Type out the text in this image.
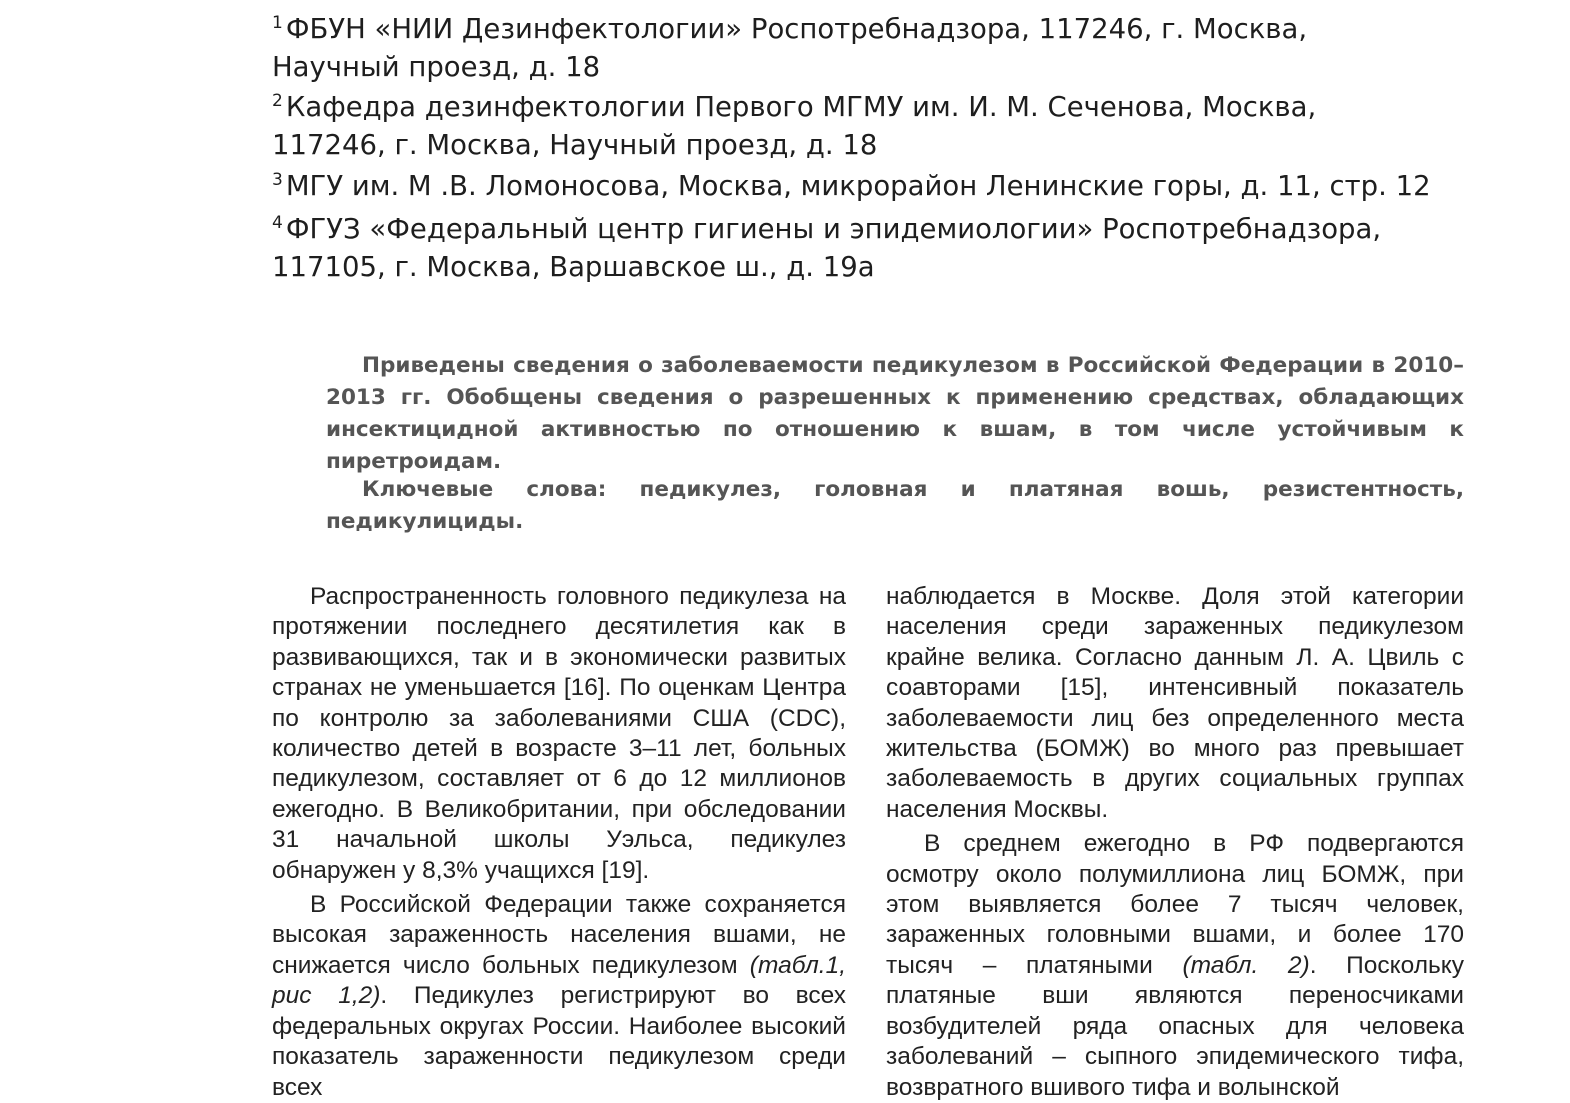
$^1$ ФБУН «НИИ Дезинфектологии» Роспотребнадзора, 117246, г. Москва,
Научный проезд, д. 18

$^2$ Кафедра дезинфектологии Первого МГМУ им. И. М. Сеченова, Москва,
117246, г. Москва, Научный проезд, д. 18

$^3$ МГУ им. М .В. Ломоносова, Москва, микрорайон Ленинские горы, д. 11, стр. 12

$^4$ ФГУЗ «Федеральный центр гигиены и эпидемиологии» Роспотребнадзора,
117105, г. Москва, Варшавское ш., д. 19а

Приведены сведения о заболеваемости педикулезом в Российской Федерации в 2010–2013 гг. Обобщены сведения о разрешенных к применению средствах, обладающих инсектицидной активностью по отношению к вшам, в том числе устойчивым к пиретроидам.

Ключевые слова: педикулез, головная и платяная вошь, резистентность, педикулициды.

Распространенность головного педикулеза на протяжении последнего десятилетия как в развивающихся, так и в экономически развитых странах не уменьшается [16]. По оценкам Центра по контролю за заболеваниями США (CDC), количество детей в возрасте 3–11 лет, больных педикулезом, составляет от 6 до 12 миллионов ежегодно. В Великобритании, при обследовании 31 начальной школы Уэльса, педикулез обнаружен у 8,3% учащихся [19].

В Российской Федерации также сохраняется высокая зараженность населения вшами, не снижается число больных педикулезом (табл.1, рис 1,2). Педикулез регистрируют во всех федеральных округах России. Наиболее высокий показатель зараженности педикулезом среди всех

наблюдается в Москве. Доля этой категории населения среди зараженных педикулезом крайне велика. Согласно данным Л. А. Цвиль с соавторами [15], интенсивный показатель заболеваемости лиц без определенного места жительства (БОМЖ) во много раз превышает заболеваемость в других социальных группах населения Москвы.

В среднем ежегодно в РФ подвергаются осмотру около полумиллиона лиц БОМЖ, при этом выявляется более 7 тысяч человек, зараженных головными вшами, и более 170 тысяч – платяными (табл. 2). Поскольку платяные вши являются переносчиками возбудителей ряда опасных для человека заболеваний – сыпного эпидемического тифа, возвратного вшивого тифа и волынской
